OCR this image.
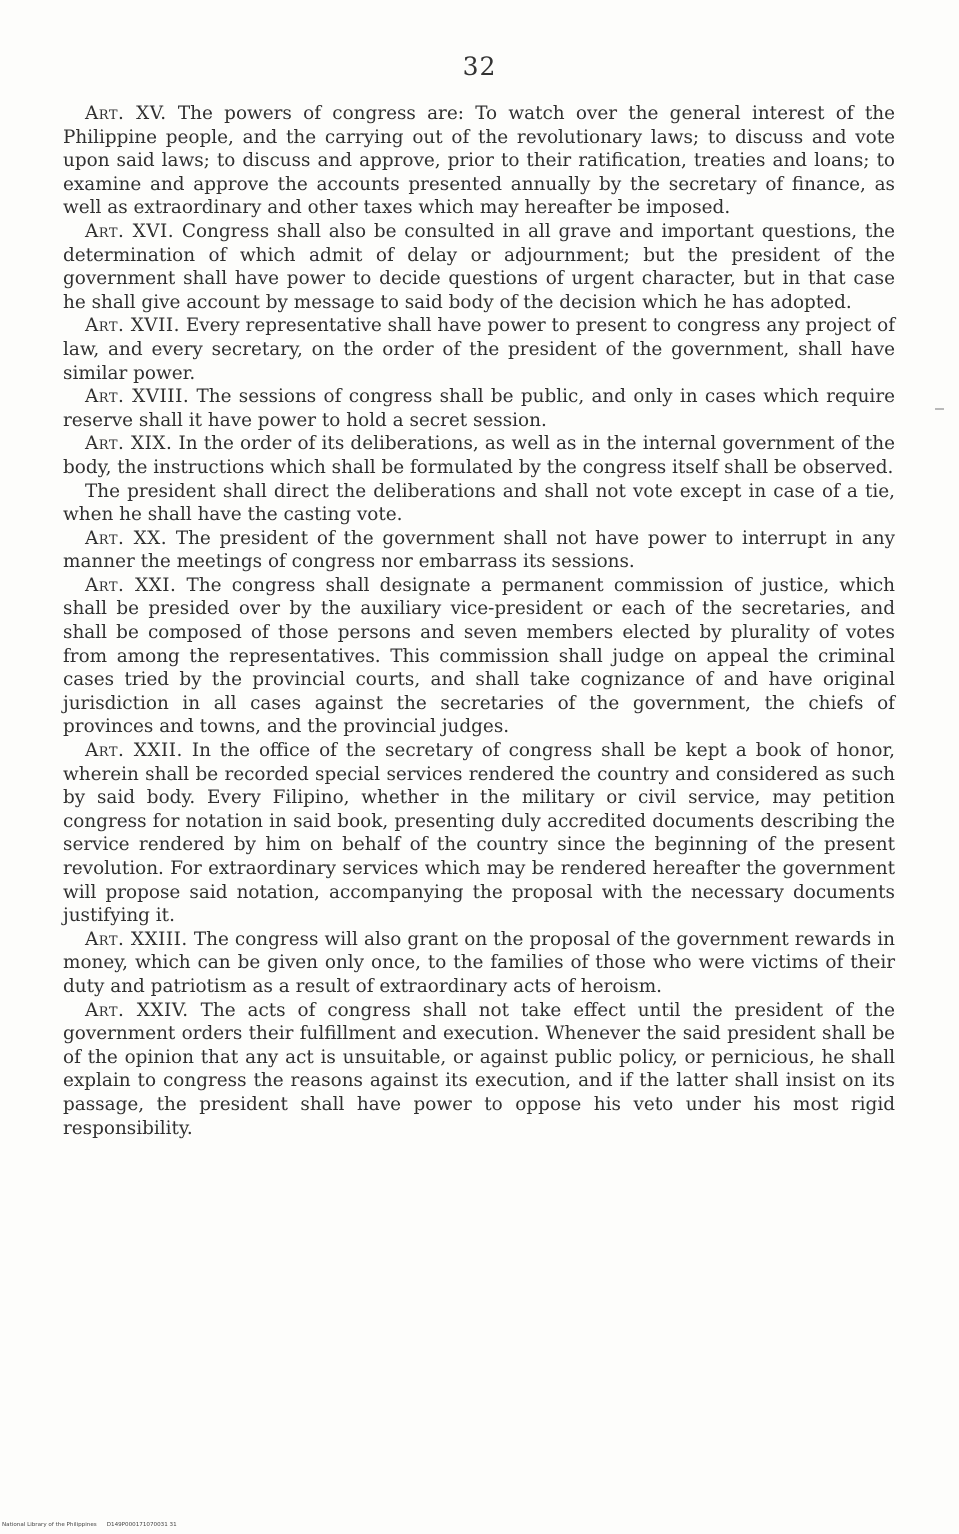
32

Art. XV. The powers of congress are: To watch over the general interest of the Philippine people, and the carrying out of the revolutionary laws; to discuss and vote upon said laws; to discuss and approve, prior to their ratification, treaties and loans; to examine and approve the accounts presented annually by the secretary of finance, as well as extraordinary and other taxes which may hereafter be imposed.

Art. XVI. Congress shall also be consulted in all grave and important questions, the determination of which admit of delay or adjournment; but the president of the government shall have power to decide questions of urgent character, but in that case he shall give account by message to said body of the decision which he has adopted.

Art. XVII. Every representative shall have power to present to congress any project of law, and every secretary, on the order of the president of the government, shall have similar power.

Art. XVIII. The sessions of congress shall be public, and only in cases which require reserve shall it have power to hold a secret session.

Art. XIX. In the order of its deliberations, as well as in the internal government of the body, the instructions which shall be formulated by the congress itself shall be observed.

The president shall direct the deliberations and shall not vote except in case of a tie, when he shall have the casting vote.

Art. XX. The president of the government shall not have power to interrupt in any manner the meetings of congress nor embarrass its sessions.

Art. XXI. The congress shall designate a permanent commission of justice, which shall be presided over by the auxiliary vice-president or each of the secretaries, and shall be composed of those persons and seven members elected by plurality of votes from among the representatives. This commission shall judge on appeal the criminal cases tried by the provincial courts, and shall take cognizance of and have original jurisdiction in all cases against the secretaries of the government, the chiefs of provinces and towns, and the provincial judges.

Art. XXII. In the office of the secretary of congress shall be kept a book of honor, wherein shall be recorded special services rendered the country and considered as such by said body. Every Filipino, whether in the military or civil service, may petition congress for notation in said book, presenting duly accredited documents describing the service rendered by him on behalf of the country since the beginning of the present revolution. For extraordinary services which may be rendered hereafter the government will propose said notation, accompanying the proposal with the necessary documents justifying it.

Art. XXIII. The congress will also grant on the proposal of the government rewards in money, which can be given only once, to the families of those who were victims of their duty and patriotism as a result of extraordinary acts of heroism.

Art. XXIV. The acts of congress shall not take effect until the president of the government orders their fulfillment and execution. Whenever the said president shall be of the opinion that any act is unsuitable, or against public policy, or pernicious, he shall explain to congress the reasons against its execution, and if the latter shall insist on its passage, the president shall have power to oppose his veto under his most rigid responsibility.

National Library of the Philippines D149P000171070031 31
